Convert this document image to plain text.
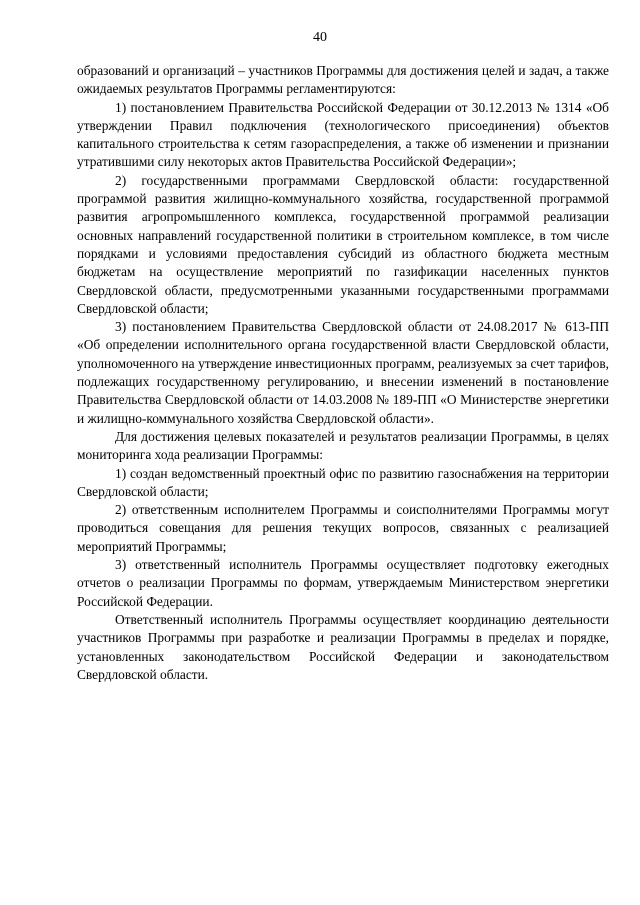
40

образований и организаций – участников Программы для достижения целей и задач, а также ожидаемых результатов Программы регламентируются:

1) постановлением Правительства Российской Федерации от 30.12.2013 № 1314 «Об утверждении Правил подключения (технологического присоединения) объектов капитального строительства к сетям газораспределения, а также об изменении и признании утратившими силу некоторых актов Правительства Российской Федерации»;

2) государственными программами Свердловской области: государственной программой развития жилищно-коммунального хозяйства, государственной программой развития агропромышленного комплекса, государственной программой реализации основных направлений государственной политики в строительном комплексе, в том числе порядками и условиями предоставления субсидий из областного бюджета местным бюджетам на осуществление мероприятий по газификации населенных пунктов Свердловской области, предусмотренными указанными государственными программами Свердловской области;

3) постановлением Правительства Свердловской области от 24.08.2017 № 613-ПП «Об определении исполнительного органа государственной власти Свердловской области, уполномоченного на утверждение инвестиционных программ, реализуемых за счет тарифов, подлежащих государственному регулированию, и внесении изменений в постановление Правительства Свердловской области от 14.03.2008 № 189-ПП «О Министерстве энергетики и жилищно-коммунального хозяйства Свердловской области».

Для достижения целевых показателей и результатов реализации Программы, в целях мониторинга хода реализации Программы:

1) создан ведомственный проектный офис по развитию газоснабжения на территории Свердловской области;

2) ответственным исполнителем Программы и соисполнителями Программы могут проводиться совещания для решения текущих вопросов, связанных с реализацией мероприятий Программы;

3) ответственный исполнитель Программы осуществляет подготовку ежегодных отчетов о реализации Программы по формам, утверждаемым Министерством энергетики Российской Федерации.

Ответственный исполнитель Программы осуществляет координацию деятельности участников Программы при разработке и реализации Программы в пределах и порядке, установленных законодательством Российской Федерации и законодательством Свердловской области.
